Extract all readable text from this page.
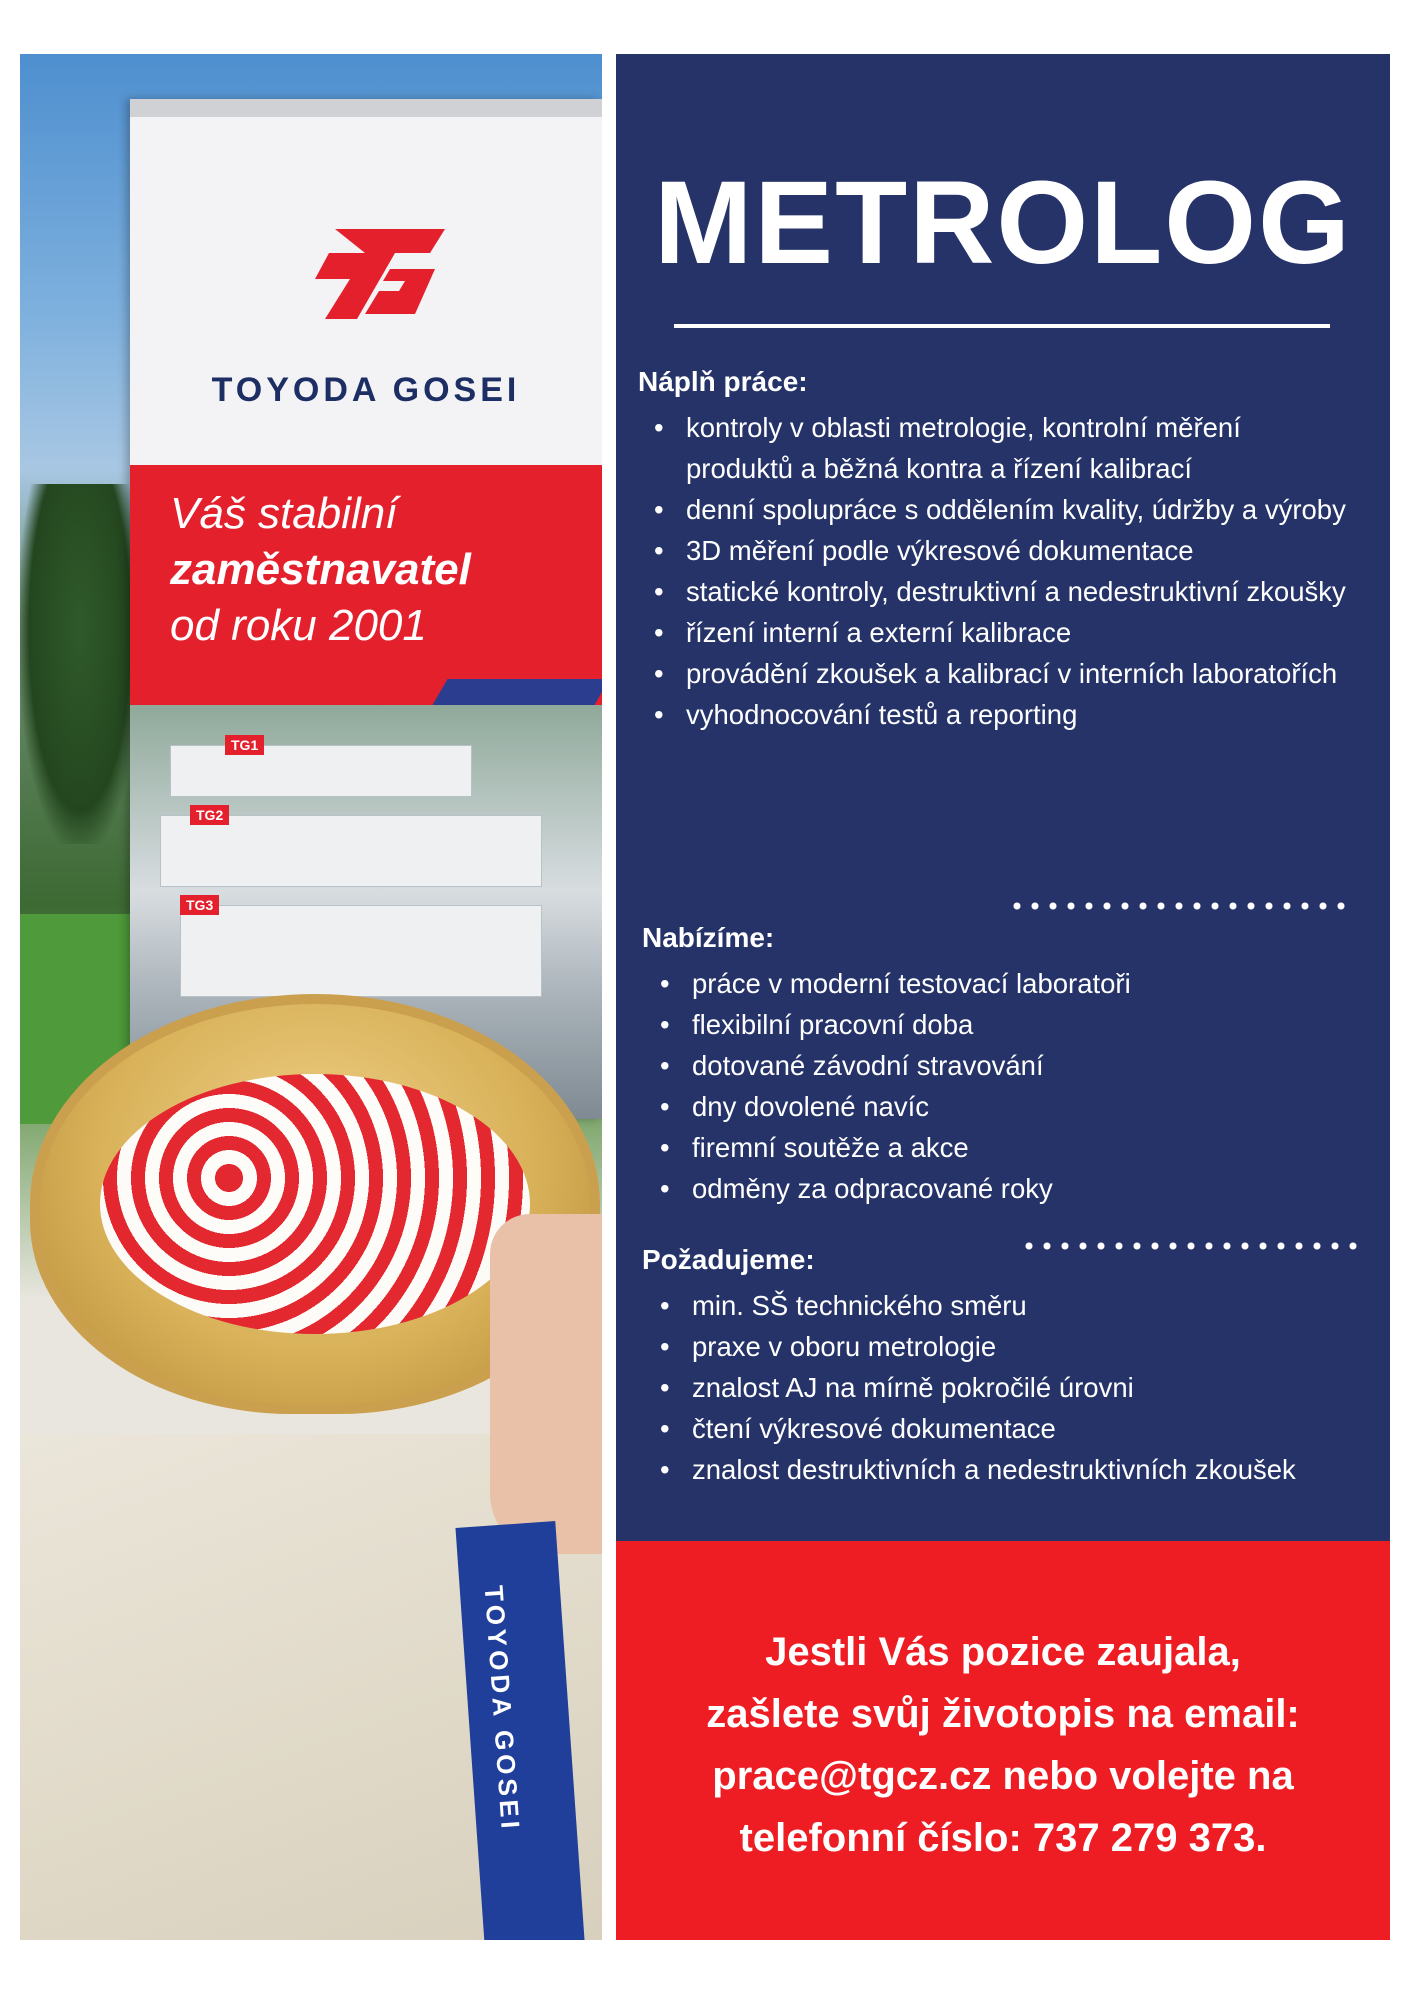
TOYODA GOSEI
Váš stabilní
zaměstnavatel
od roku 2001
TG1
TG2
TG3
TOYODA GOSEI
METROLOG
Náplň práce:
• kontroly v oblasti metrologie, kontrolní měření produktů a běžná kontra a řízení kalibrací
• denní spolupráce s oddělením kvality, údržby a výroby
• 3D měření podle výkresové dokumentace
• statické kontroly, destruktivní a nedestruktivní zkoušky
• řízení interní a externí kalibrace
• provádění zkoušek a kalibrací v interních laboratořích
• vyhodnocování testů a reporting
Nabízíme:
• práce v moderní testovací laboratoři
• flexibilní pracovní doba
• dotované závodní stravování
• dny dovolené navíc
• firemní soutěže a akce
• odměny za odpracované roky
Požadujeme:
• min. SŠ technického směru
• praxe v oboru metrologie
• znalost AJ na mírně pokročilé úrovni
• čtení výkresové dokumentace
• znalost destruktivních a nedestruktivních zkoušek
Jestli Vás pozice zaujala,
zašlete svůj životopis na email:
prace@tgcz.cz nebo volejte na
telefonní číslo: 737 279 373.
